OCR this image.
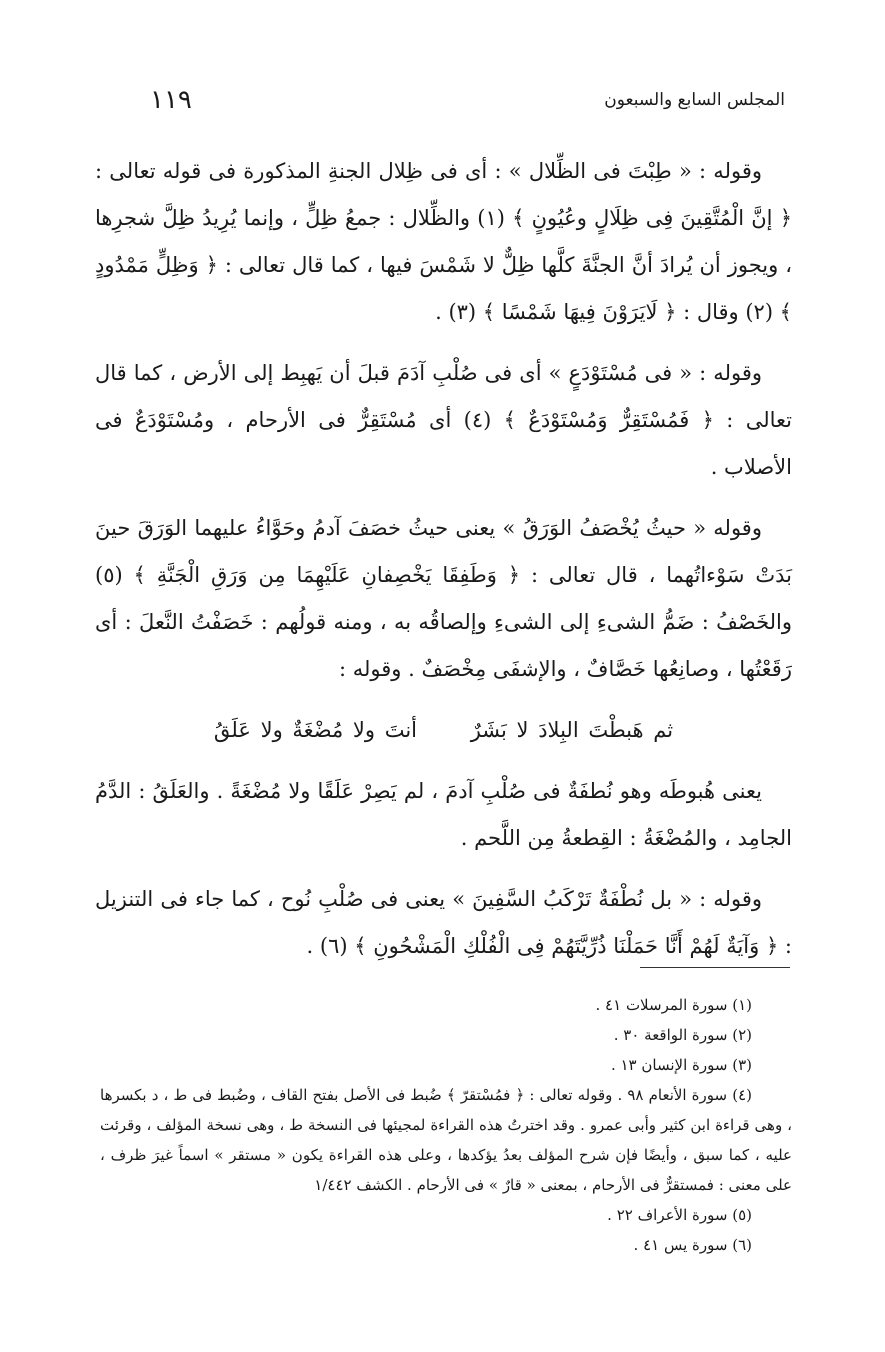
المجلس السابع والسبعون
١١٩

وقوله : « طِبْتَ فى الظِّلال » : أى فى ظِلال الجنةِ المذكورة فى قوله تعالى : ﴿ إنَّ الْمُتَّقِينَ فِى ظِلَالٍ وعُيُونٍ ﴾ (١) والظِّلال : جمعُ ظِلٍّ ، وإنما يُرِيدُ ظِلَّ شجرِها ، ويجوز أن يُرادَ أنَّ الجنَّةَ كلَّها ظِلٌّ لا شَمْسَ فيها ، كما قال تعالى : ﴿ وَظِلٍّ مَمْدُودٍ ﴾ (٢) وقال : ﴿ لَايَرَوْنَ فِيهَا شَمْسًا ﴾ (٣) .

وقوله : « فى مُسْتَوْدَعٍ » أى فى صُلْبِ آدَمَ قبلَ أن يَهبِط إلى الأرض ، كما قال تعالى : ﴿ فَمُسْتَقِرٌّ وَمُسْتَوْدَعٌ ﴾ (٤) أى مُسْتَقِرٌّ فى الأرحام ، ومُسْتَوْدَعٌ فى الأصلاب .

وقوله « حيثُ يُخْصَفُ الوَرَقُ » يعنى حيثُ خصَفَ آدمُ وحَوَّاءُ عليهما الوَرَقَ حينَ بَدَتْ سَوْءاتُهما ، قال تعالى : ﴿ وَطَفِقَا يَخْصِفانِ عَلَيْهِمَا مِن وَرَقِ الْجَنَّةِ ﴾ (٥) والخَصْفُ : ضَمُّ الشىءِ إلى الشىءِ وإلصاقُه به ، ومنه قولُهم : خَصَفْتُ النَّعلَ : أى رَقَعْتُها ، وصانِعُها خَصَّافٌ ، والإشفَى مِخْصَفٌ . وقوله :

ثم هَبطْتَ البِلادَ لا بَشَرٌ أنتَ ولا مُضْغَةٌ ولا عَلَقُ

يعنى هُبوطَه وهو نُطفَةٌ فى صُلْبِ آدمَ ، لم يَصِرْ عَلَقًا ولا مُضْغَةً . والعَلَقُ : الدَّمُ الجامِد ، والمُضْغَةُ : القِطعةُ مِن اللَّحم .

وقوله : « بل نُطْفَةٌ تَرْكَبُ السَّفِينَ » يعنى فى صُلْبِ نُوح ، كما جاء فى التنزيل : ﴿ وَآيَةٌ لَهُمْ أَنَّا حَمَلْنَا ذُرِّيَّتَهُمْ فِى الْفُلْكِ الْمَشْحُونِ ﴾ (٦) .

(١) سورة المرسلات ٤١ .
(٢) سورة الواقعة ٣٠ .
(٣) سورة الإنسان ١٣ .
(٤) سورة الأنعام ٩٨ . وقوله تعالى : ﴿ فمُسْتقرّ ﴾ ضُبط فى الأصل بفتح القاف ، وضُبط فى ط ، د بكسرها ، وهى قراءة ابن كثير وأبى عمرو . وقد اخترتُ هذه القراءة لمجيئها فى النسخة ط ، وهى نسخة المؤلف ، وقرئت عليه ، كما سبق ، وأيضًا فإن شرح المؤلف بعدُ يؤكدها ، وعلى هذه القراءة يكون « مستقر » اسماً غيرَ ظرف ، على معنى : فمستقرٌّ فى الأرحام ، بمعنى « قارٌ » فى الأرحام . الكشف ١/٤٤٢
(٥) سورة الأعراف ٢٢ .
(٦) سورة يس ٤١ .
